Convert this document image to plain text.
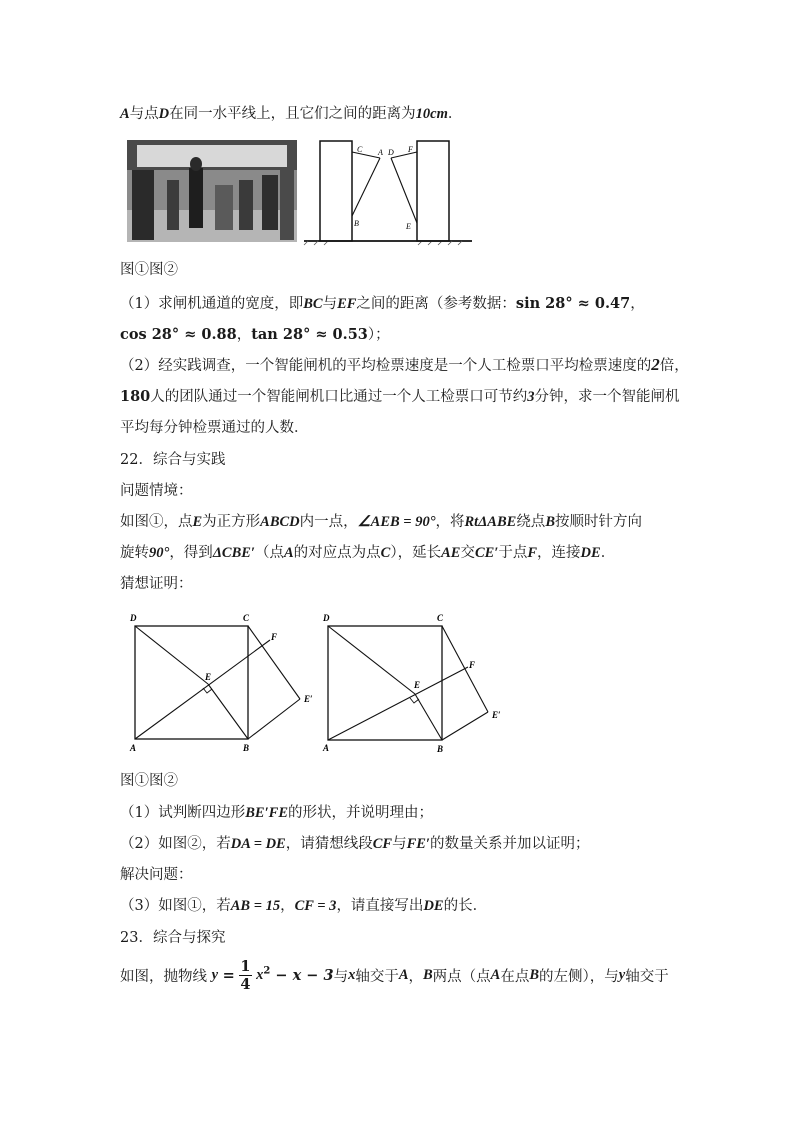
A与点D在同一水平线上，且它们之间的距离为10cm．
C A D F
B	E
图①图②
（1）求闸机通道的宽度，即BC与EF之间的距离（参考数据：sin 28° ≈ 0.47，
cos 28° ≈ 0.88，tan 28° ≈ 0.53）；
（2）经实践调查，一个智能闸机的平均检票速度是一个人工检票口平均检票速度的2倍，
180人的团队通过一个智能闸机口比通过一个人工检票口可节约3分钟，求一个智能闸机
平均每分钟检票通过的人数．
22．综合与实践
问题情境：
如图①，点E为正方形ABCD内一点，∠AEB = 90°，将RtΔABE绕点B按顺时针方向
旋转90°，得到ΔCBE′（点A的对应点为点C），延长AE交CE′于点F，连接DE．
猜想证明：
D	C
F
E
E′
A	B
D	C
F
E
E′
A	B
图①图②
（1）试判断四边形BE′FE的形状，并说明理由；
（2）如图②，若DA = DE，请猜想线段CF与FE′的数量关系并加以证明；
解决问题：
（3）如图①，若AB = 15，CF = 3，请直接写出DE的长．
23．综合与探究
如图，抛物线 $y = \frac{1}{4} x^2 - x - 3$与x轴交于A，B两点（点A在点B的左侧），与y轴交于
